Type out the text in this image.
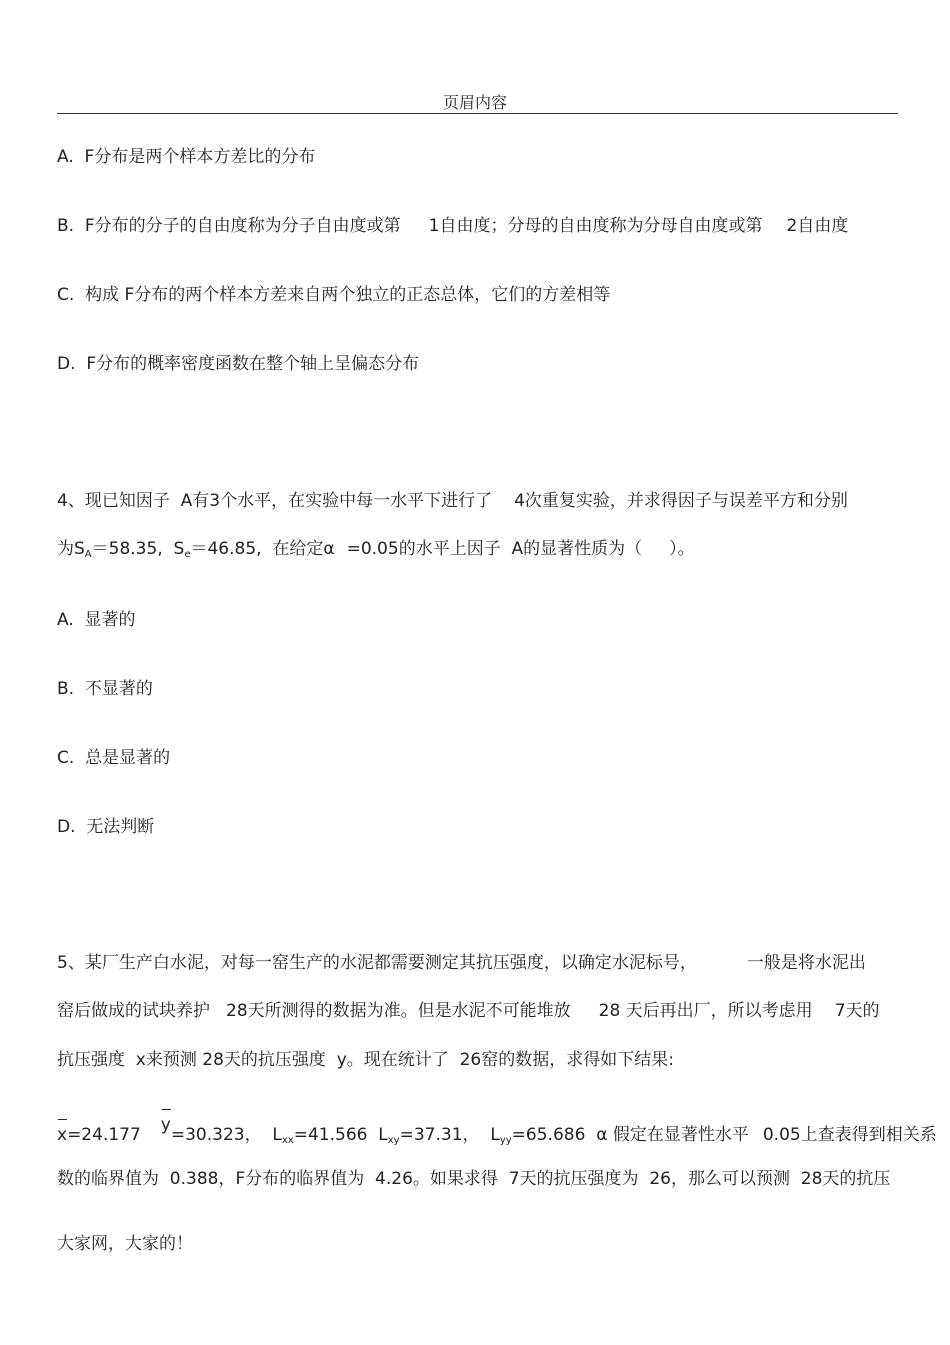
页眉内容
A. F分布是两个样本方差比的分布
B. F分布的分子的自由度称为分子自由度或第 1自由度；分母的自由度称为分母自由度或第 2自由度
C. 构成 F分布的两个样本方差来自两个独立的正态总体，它们的方差相等
D. F分布的概率密度函数在整个轴上呈偏态分布
4、现已知因子  A有3个水平，在实验中每一水平下进行了 4次重复实验，并求得因子与误差平方和分别
为$S_A=58.35$, $S_e=46.85$, 在给定α =0.05的水平上因子  A的显著性质为（     ）。
A. 显著的
B. 不显著的
C. 总是显著的
D. 无法判断
5、某厂生产白水泥，对每一窑生产的水泥都需要测定其抗压强度，以确定水泥标号，	一般是将水泥出
窑后做成的试块养护 28天所测得的数据为准。但是水泥不可能堆放 28 天后再出厂，所以考虑用 7天的
抗压强度  x来预测 28天的抗压强度  y。现在统计了  26窑的数据，求得如下结果:
x=24.177 y=30.323， $L_{xx}=41.566$ $L_{xy}=37.31$， $L_{yy}=65.686$ α 假定在显著性水平 0.05上查表得到相关系
数的临界值为  0.388，F分布的临界值为  4.26。如果求得  7天的抗压强度为  26，那么可以预测  28天的抗压
大家网，大家的！
